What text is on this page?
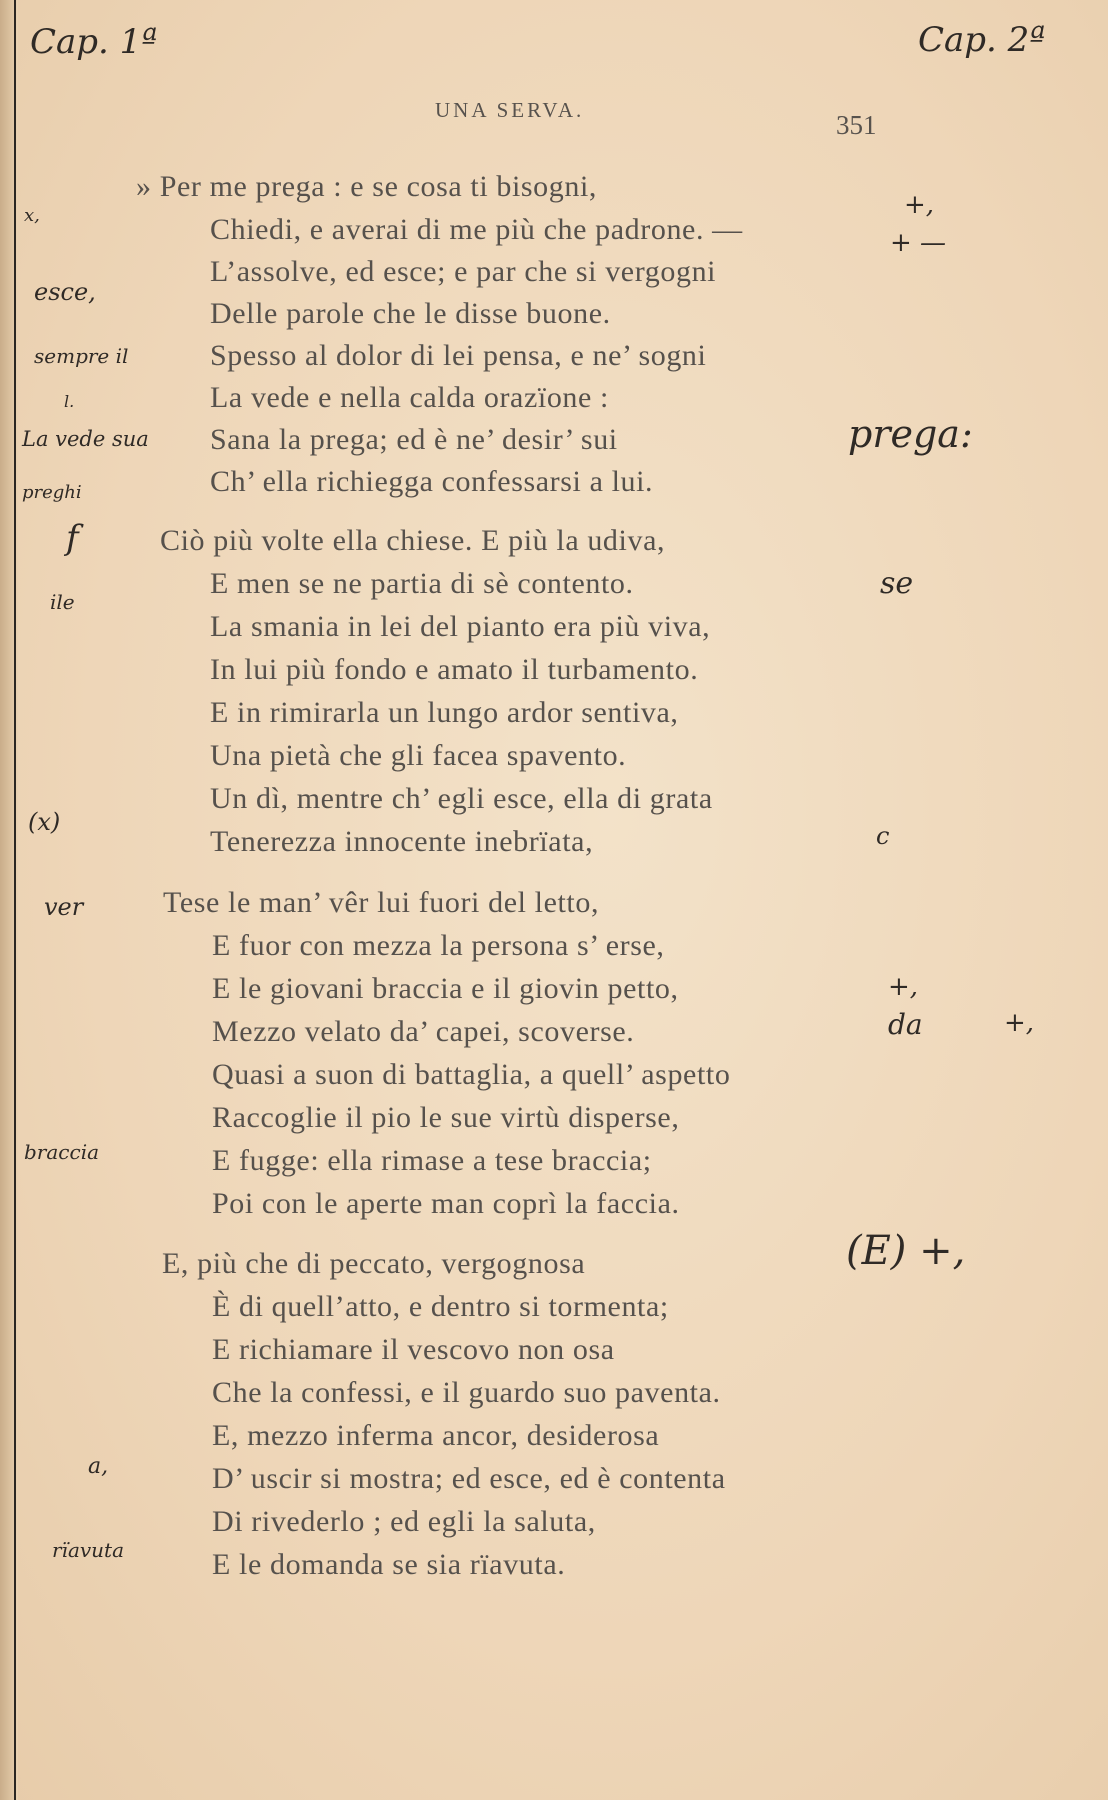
UNA SERVA.	351
» Per me prega : e se cosa ti bisogni,
Chiedi, e averai di me più che padrone. —
L’assolve, ed esce; e par che si vergogni
Delle parole che le disse buone.
Spesso al dolor di lei pensa, e ne’ sogni
La vede e nella calda orazïone :
Sana la prega; ed è ne’ desir’ sui
Ch’ ella richiegga confessarsi a lui.
Ciò più volte ella chiese. E più la udiva,
E men se ne partia di sè contento.
La smania in lei del pianto era più viva,
In lui più fondo e amato il turbamento.
E in rimirarla un lungo ardor sentiva,
Una pietà che gli facea spavento.
Un dì, mentre ch’ egli esce, ella di grata
Tenerezza innocente inebrïata,
Tese le man’ vêr lui fuori del letto,
E fuor con mezza la persona s’ erse,
E le giovani braccia e il giovin petto,
Mezzo velato da’ capei, scoverse.
Quasi a suon di battaglia, a quell’ aspetto
Raccoglie il pio le sue virtù disperse,
E fugge: ella rimase a tese braccia;
Poi con le aperte man coprì la faccia.
E, più che di peccato, vergognosa
È di quell’atto, e dentro si tormenta;
E richiamare il vescovo non osa
Che la confessi, e il guardo suo paventa.
E, mezzo inferma ancor, desiderosa
D’ uscir si mostra; ed esce, ed è contenta
Di rivederlo ; ed egli la saluta,
E le domanda se sia rïavuta.
Cap. 1ª	Cap. 2ª
x,
esce,
sempre il
l.
La vede sua
preghi
f
ile
(x)
ver
braccia
a,
rïavuta
+,
+ —
prega:
se
c
+,
da	+,
(E) +,
